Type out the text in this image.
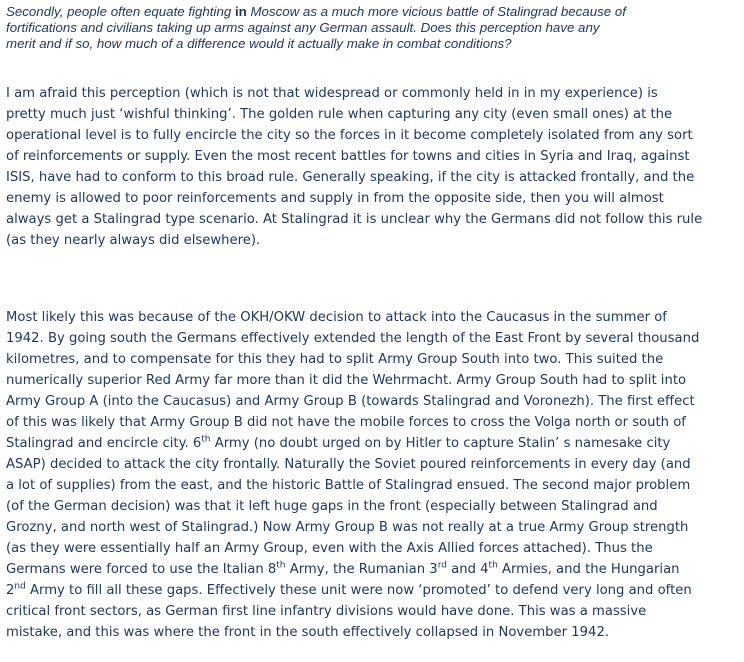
Secondly, people often equate fighting in Moscow as a much more vicious battle of Stalingrad because of
fortifications and civilians taking up arms against any German assault. Does this perception have any
merit and if so, how much of a difference would it actually make in combat conditions?

I am afraid this perception (which is not that widespread or commonly held in in my experience) is
pretty much just ‘wishful thinking’. The golden rule when capturing any city (even small ones) at the
operational level is to fully encircle the city so the forces in it become completely isolated from any sort
of reinforcements or supply. Even the most recent battles for towns and cities in Syria and Iraq, against
ISIS, have had to conform to this broad rule. Generally speaking, if the city is attacked frontally, and the
enemy is allowed to poor reinforcements and supply in from the opposite side, then you will almost
always get a Stalingrad type scenario. At Stalingrad it is unclear why the Germans did not follow this rule
(as they nearly always did elsewhere).
Most likely this was because of the OKH/OKW decision to attack into the Caucasus in the summer of
1942. By going south the Germans effectively extended the length of the East Front by several thousand
kilometres, and to compensate for this they had to split Army Group South into two. This suited the
numerically superior Red Army far more than it did the Wehrmacht. Army Group South had to split into
Army Group A (into the Caucasus) and Army Group B (towards Stalingrad and Voronezh). The first effect
of this was likely that Army Group B did not have the mobile forces to cross the Volga north or south of
Stalingrad and encircle city. 6th Army (no doubt urged on by Hitler to capture Stalin’ s namesake city
ASAP) decided to attack the city frontally. Naturally the Soviet poured reinforcements in every day (and
a lot of supplies) from the east, and the historic Battle of Stalingrad ensued. The second major problem
(of the German decision) was that it left huge gaps in the front (especially between Stalingrad and
Grozny, and north west of Stalingrad.) Now Army Group B was not really at a true Army Group strength
(as they were essentially half an Army Group, even with the Axis Allied forces attached). Thus the
Germans were forced to use the Italian 8th Army, the Rumanian 3rd and 4th Armies, and the Hungarian
2nd Army to fill all these gaps. Effectively these unit were now ‘promoted’ to defend very long and often
critical front sectors, as German first line infantry divisions would have done. This was a massive
mistake, and this was where the front in the south effectively collapsed in November 1942.
